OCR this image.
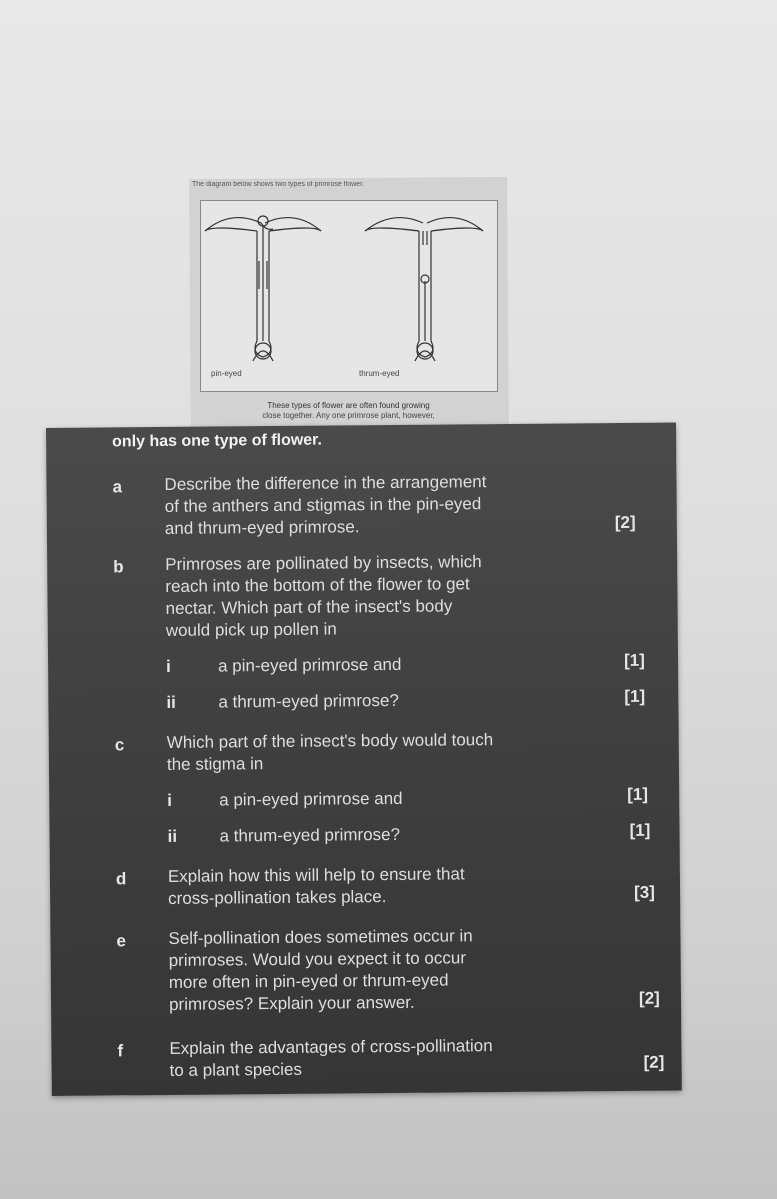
The diagram below shows two types of primrose flower.
pin-eyed	thrum-eyed
These types of flower are often found growing
close together. Any one primrose plant, however,
only has one type of flower.
a Describe the difference in the arrangement
of the anthers and stigmas in the pin-eyed
and thrum-eyed primrose.	[2]
b Primroses are pollinated by insects, which
reach into the bottom of the flower to get
nectar. Which part of the insect's body
would pick up pollen in
i	a pin-eyed primrose and	[1]
ii a thrum-eyed primrose?	[1]
c Which part of the insect's body would touch
the stigma in
i	a pin-eyed primrose and	[1]
ii a thrum-eyed primrose?	[1]
d Explain how this will help to ensure that
cross-pollination takes place.	[3]
e Self-pollination does sometimes occur in
primroses. Would you expect it to occur
more often in pin-eyed or thrum-eyed
primroses? Explain your answer.	[2]
f	Explain the advantages of cross-pollination
to a plant species	[2]
